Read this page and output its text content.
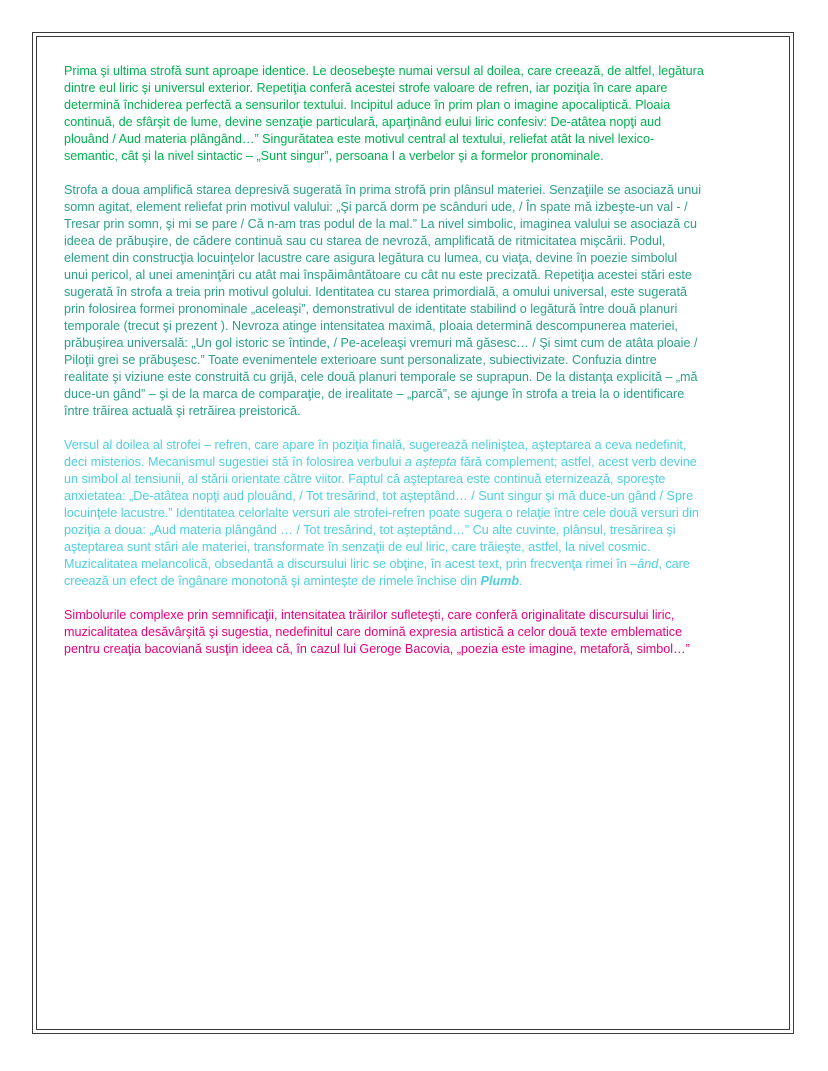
Prima şi ultima strofă sunt aproape identice. Le deosebeşte numai versul al doilea, care creează, de altfel, legătura dintre eul liric şi universul exterior. Repetiţia conferă acestei strofe valoare de refren, iar poziţia în care apare determină închiderea perfectă a sensurilor textului. Incipitul aduce în prim plan o imagine apocaliptică. Ploaia continuă, de sfârşit de lume, devine senzaţie particulară, aparţinând eului liric confesiv: De-atâtea nopţi aud plouând / Aud materia plângând…” Singurătatea este motivul central al textului, reliefat atât la nivel lexico-semantic, cât şi la nivel sintactic – „Sunt singur”, persoana I a verbelor şi a formelor pronominale.

Strofa a doua amplifică starea depresivă sugerată în prima strofă prin plânsul materiei. Senzaţiile se asociază unui somn agitat, element reliefat prin motivul valului: „Şi parcă dorm pe scânduri ude, / În spate mă izbeşte-un val - / Tresar prin somn, şi mi se pare / Că n-am tras podul de la mal.” La nivel simbolic, imaginea valului se asociază cu ideea de prăbuşire, de cădere continuă sau cu starea de nevroză, amplificată de ritmicitatea mişcării. Podul, element din construcţia locuinţelor lacustre care asigura legătura cu lumea, cu viaţa, devine în poezie simbolul unui pericol, al unei ameninţări cu atât mai înspăimântătoare cu cât nu este precizată. Repetiţia acestei stări este sugerată în strofa a treia prin motivul golului. Identitatea cu starea primordială, a omului universal, este sugerată prin folosirea formei pronominale „aceleaşi”, demonstrativul de identitate stabilind o legătură între două planuri temporale (trecut şi prezent ). Nevroza atinge intensitatea maximă, ploaia determină descompunerea materiei, prăbuşirea universală: „Un gol istoric se întinde, / Pe-aceleaşi vremuri mă găsesc… / Şi simt cum de atâta ploaie / Piloţii grei se prăbuşesc.” Toate evenimentele exterioare sunt personalizate, subiectivizate. Confuzia dintre realitate şi viziune este construită cu grijă, cele două planuri temporale se suprapun. De la distanţa explicită – „mă duce-un gând” – şi de la marca de comparaţie, de irealitate – „parcă”, se ajunge în strofa a treia la o identificare între trăirea actuală şi retrăirea preistorică.

Versul al doilea al strofei – refren, care apare în poziţia finală, sugerează neliniştea, aşteptarea a ceva nedefinit, deci misterios. Mecanismul sugestiei stă în folosirea verbului a aştepta fără complement; astfel, acest verb devine un simbol al tensiunii, al stării orientate către viitor. Faptul că aşteptarea este continuă eternizează, sporeşte anxietatea: „De-atâtea nopţi aud plouând, / Tot tresărind, tot aşteptând… / Sunt singur şi mă duce-un gând / Spre locuinţele lacustre.” Identitatea celorlalte versuri ale strofei-refren poate sugera o relaţie între cele două versuri din poziţia a doua: „Aud materia plângând … / Tot tresărind, tot aşteptând…” Cu alte cuvinte, plânsul, tresărirea şi aşteptarea sunt stări ale materiei, transformate în senzaţii de eul liric, care trăieşte, astfel, la nivel cosmic. Muzicalitatea melancolică, obsedantă a discursului liric se obţine, în acest text, prin frecvenţa rimei în –ând, care creează un efect de îngânare monotonă şi aminteşte de rimele închise din Plumb.

Simbolurile complexe prin semnificaţii, intensitatea trăirilor sufleteşti, care conferă originalitate discursului liric, muzicalitatea desăvârşită şi sugestia, nedefinitul care domină expresia artistică a celor două texte emblematice pentru creaţia bacoviană susţin ideea că, în cazul lui Geroge Bacovia, „poezia este imagine, metaforă, simbol…”
